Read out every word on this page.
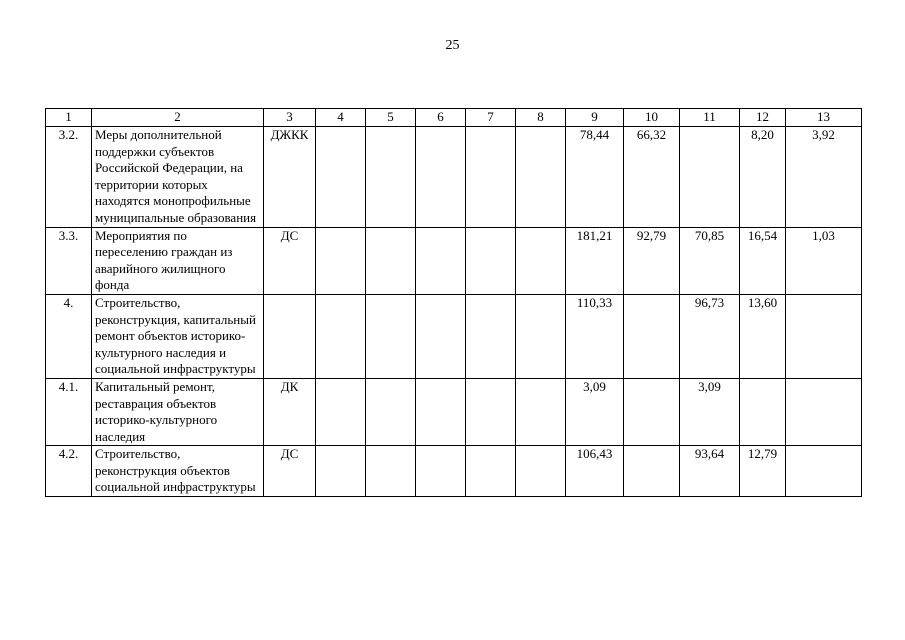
25
1	2	3	4	5	6	7	8	9	10	11	12	13
3.2.	Меры дополнительной поддержки субъектов Российской Федерации, на территории которых находятся монопрофильные муниципальные образования	ДЖКК						78,44	66,32		8,20	3,92
3.3.	Мероприятия по переселению граждан из аварийного жилищного фонда	ДС						181,21	92,79	70,85	16,54	1,03
4.	Строительство, реконструкция, капитальный ремонт объектов историко-культурного наследия и социальной инфраструктуры							110,33		96,73	13,60	
4.1.	Капитальный ремонт, реставрация объектов историко-культурного наследия	ДК						3,09		3,09		
4.2.	Строительство, реконструкция объектов социальной инфраструктуры	ДС						106,43		93,64	12,79	
